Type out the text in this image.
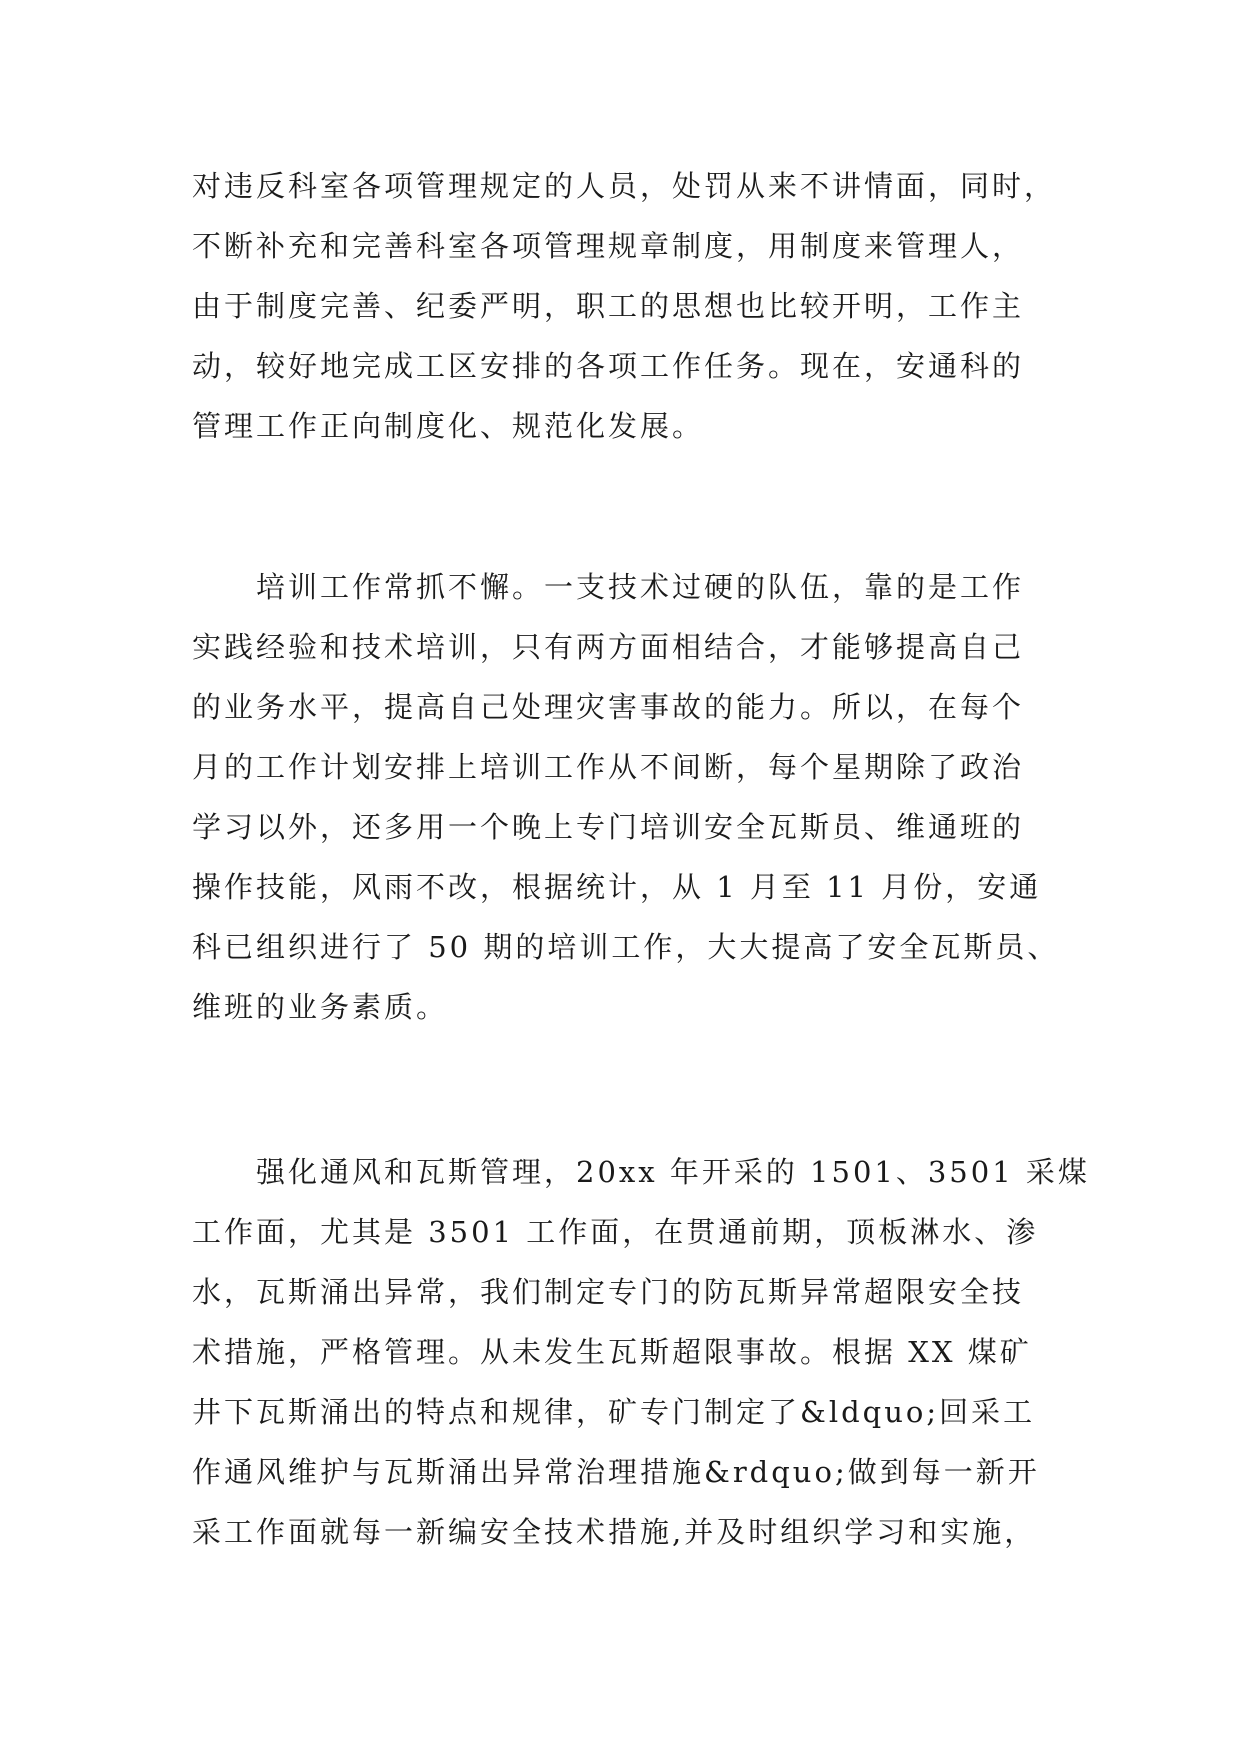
对违反科室各项管理规定的人员，处罚从来不讲情面，同时，
不断补充和完善科室各项管理规章制度，用制度来管理人，
由于制度完善、纪委严明，职工的思想也比较开明，工作主
动，较好地完成工区安排的各项工作任务。现在，安通科的
管理工作正向制度化、规范化发展。
培训工作常抓不懈。一支技术过硬的队伍，靠的是工作
实践经验和技术培训，只有两方面相结合，才能够提高自己
的业务水平，提高自己处理灾害事故的能力。所以，在每个
月的工作计划安排上培训工作从不间断，每个星期除了政治
学习以外，还多用一个晚上专门培训安全瓦斯员、维通班的
操作技能，风雨不改，根据统计，从 1 月至 11 月份，安通
科已组织进行了 50 期的培训工作，大大提高了安全瓦斯员、
维班的业务素质。
强化通风和瓦斯管理，20xx 年开采的 1501、3501 采煤
工作面，尤其是 3501 工作面，在贯通前期，顶板淋水、渗
水，瓦斯涌出异常，我们制定专门的防瓦斯异常超限安全技
术措施，严格管理。从未发生瓦斯超限事故。根据 XX 煤矿
井下瓦斯涌出的特点和规律，矿专门制定了&ldquo;回采工
作通风维护与瓦斯涌出异常治理措施&rdquo;做到每一新开
采工作面就每一新编安全技术措施,并及时组织学习和实施，
